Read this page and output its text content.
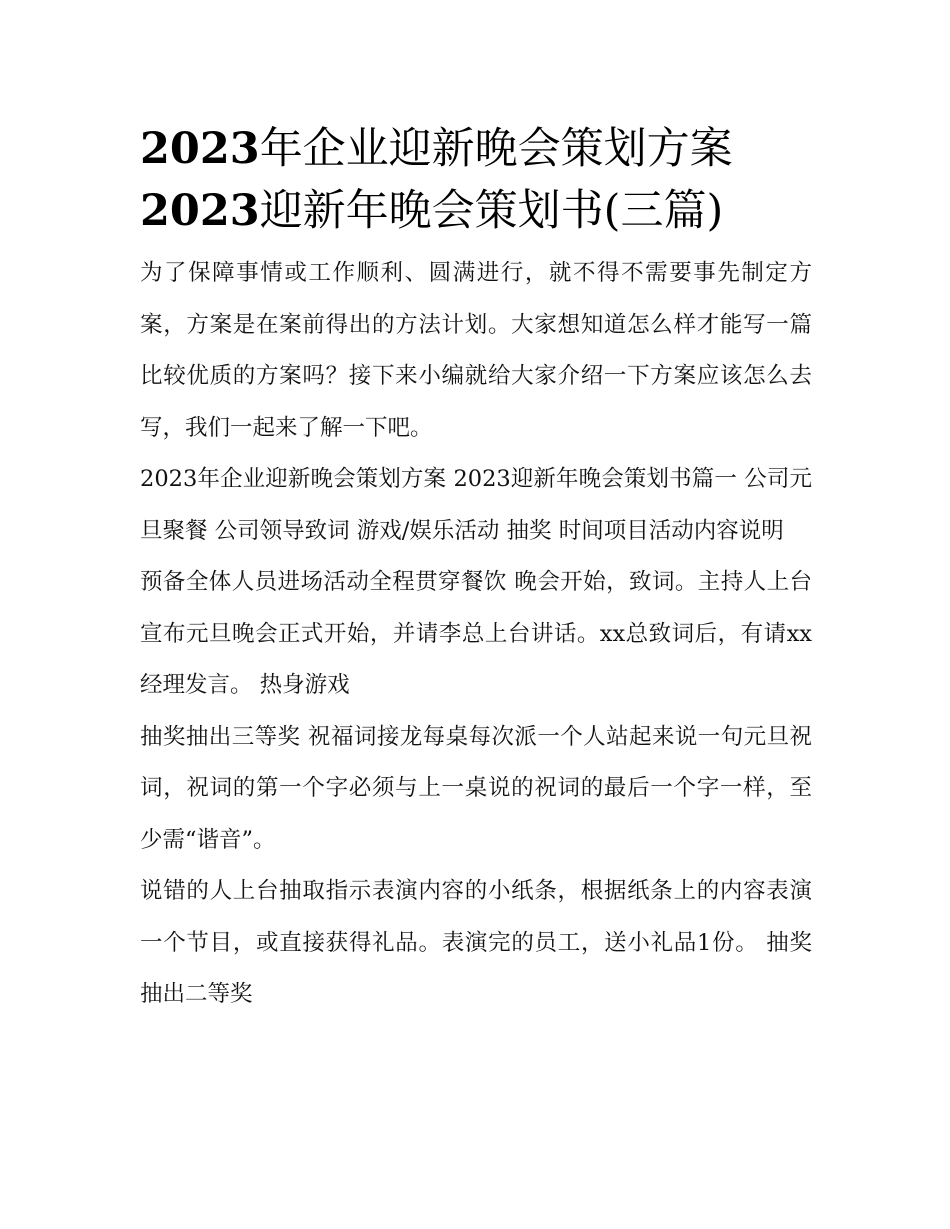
2023年企业迎新晚会策划方案
2023迎新年晚会策划书(三篇)

为了保障事情或工作顺利、圆满进行，就不得不需要事先制定方案，方案是在案前得出的方法计划。大家想知道怎么样才能写一篇比较优质的方案吗？接下来小编就给大家介绍一下方案应该怎么去写，我们一起来了解一下吧。

2023年企业迎新晚会策划方案 2023迎新年晚会策划书篇一 公司元旦聚餐 公司领导致词 游戏/娱乐活动 抽奖 时间项目活动内容说明

预备全体人员进场活动全程贯穿餐饮 晚会开始，致词。主持人上台宣布元旦晚会正式开始，并请李总上台讲话。xx总致词后，有请xx经理发言。 热身游戏

抽奖抽出三等奖 祝福词接龙每桌每次派一个人站起来说一句元旦祝词，祝词的第一个字必须与上一桌说的祝词的最后一个字一样，至少需“谐音”。

说错的人上台抽取指示表演内容的小纸条，根据纸条上的内容表演一个节目，或直接获得礼品。表演完的员工，送小礼品1份。 抽奖抽出二等奖
